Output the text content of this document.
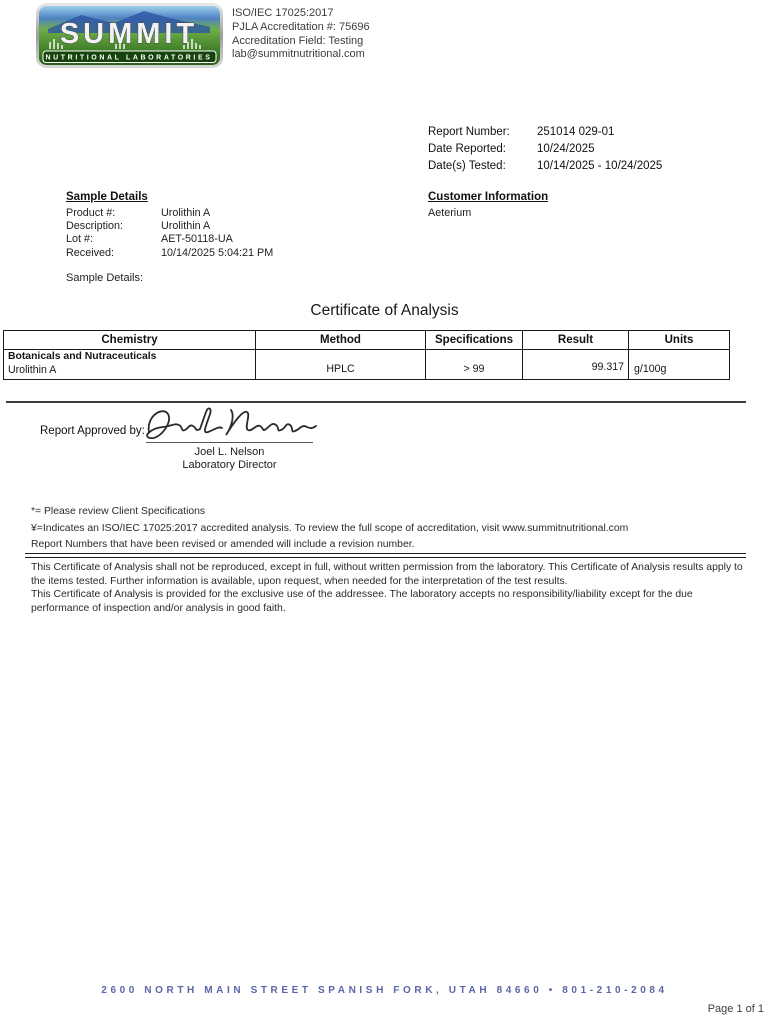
SUMMIT
NUTRITIONAL LABORATORIES
ISO/IEC 17025:2017
PJLA Accreditation #: 75696
Accreditation Field: Testing
lab@summitnutritional.com
Report Number:	251014 029-01
Date Reported:	10/24/2025
Date(s) Tested:	10/14/2025 - 10/24/2025
Sample Details
Product #:	Urolithin A
Description:	Urolithin A
Lot #:	AET-50118-UA
Received:	10/14/2025 5:04:21 PM
Customer Information
Aeterium
Sample Details:
Certificate of Analysis
Chemistry	Method	Specifications	Result	Units

Botanicals and Nutraceuticals
Urolithin A	HPLC	> 99	99.317	g/100g
Report Approved by:
Joel L. Nelson
Laboratory Director
*= Please review Client Specifications
¥=Indicates an ISO/IEC 17025:2017 accredited analysis. To review the full scope of accreditation, visit www.summitnutritional.com
Report Numbers that have been revised or amended will include a revision number.

This Certificate of Analysis shall not be reproduced, except in full, without written permission from the laboratory. This Certificate of Analysis results apply to the items tested. Further information is available, upon request, when needed for the interpretation of the test results.

This Certificate of Analysis is provided for the exclusive use of the addressee. The laboratory accepts no responsibility/liability except for the due performance of inspection and/or analysis in good faith.

2600 NORTH MAIN STREET SPANISH FORK, UTAH 84660 • 801-210-2084
Page 1 of 1
